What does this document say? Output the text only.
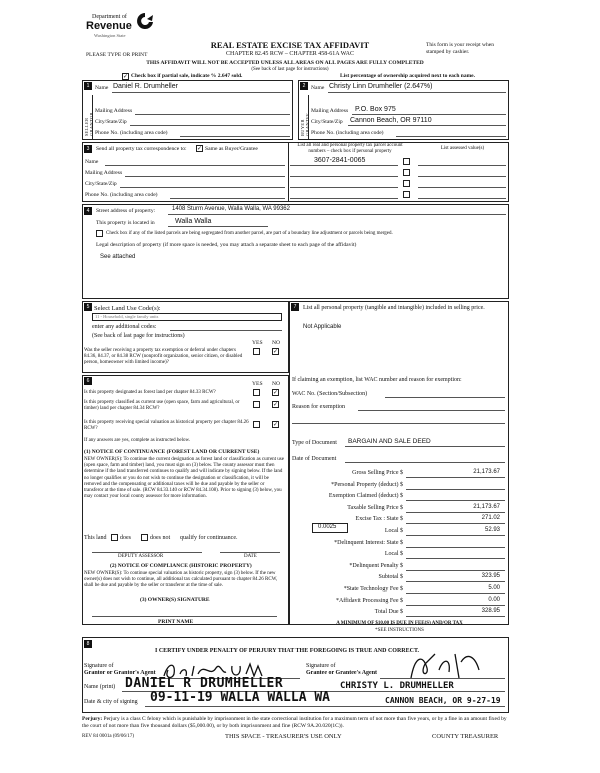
Department of
Revenue
Washington State
PLEASE TYPE OR PRINT
REAL ESTATE EXCISE TAX AFFIDAVIT
CHAPTER 82.45 RCW – CHAPTER 458-61A WAC
THIS AFFIDAVIT WILL NOT BE ACCEPTED UNLESS ALL AREAS ON ALL PAGES ARE FULLY COMPLETED
(See back of last page for instructions)
This form is your receipt when stamped by cashier.
✓ Check box if partial sale, indicate % 2.647 sold.	List percentage of ownership acquired next to each name.
1	2
SELLER GRANTOR	BUYER GRANTEE
Name Daniel R. Drumheller
Mailing Address
City/State/Zip
Phone No. (including area code)
Name Christy Linn Drumheller (2.647%)
Mailing Address P.O. Box 975
City/State/Zip Cannon Beach, OR 97110
Phone No. (including area code)
3	Send all property tax correspondence to: ✓ Same as Buyer/Grantee
Name
Mailing Address
City/State/Zip
Phone No. (including area code)
List all real and personal property tax parcel account numbers – check box if personal property
List assessed value(s)
3607-2841-0065
4	Street address of property:	1408 Sturm Avenue, Walla Walla, WA 99362
This property is located in	Walla Walla
Check box if any of the listed parcels are being segregated from another parcel, are part of a boundary line adjustment or parcels being merged.
Legal description of property (if more space is needed, you may attach a separate sheet to each page of the affidavit)
See attached
5 Select Land Use Code(s):
11 - Household, single family units
enter any additional codes:
(See back of last page for instructions)
YES NO
Was the seller receiving a property tax exemption or deferral under chapters 84.36, 84.37, or 84.38 RCW (nonprofit organization, senior citizen, or disabled person, homeowner with limited income)?
✓
6	YES NO
Is this property designated as forest land per chapter 84.33 RCW?	✓
Is this property classified as current use (open space, farm and agricultural, or timber) land per chapter 84.34 RCW?
✓
Is this property receiving special valuation as historical property per chapter 84.26 RCW?
✓
If any answers are yes, complete as instructed below.
(1) NOTICE OF CONTINUANCE (FOREST LAND OR CURRENT USE)
NEW OWNER(S): To continue the current designation as forest land or classification as current use (open space, farm and timber) land, you must sign on (3) below. The county assessor must then determine if the land transferred continues to qualify and will indicate by signing below. If the land no longer qualifies or you do not wish to continue the designation or classification, it will be removed and the compensating or additional taxes will be due and payable by the seller or transferor at the time of sale. (RCW 84.33.140 or RCW 84.34.108). Prior to signing (3) below, you may contact your local county assessor for more information.
This land does	does not qualify for continuance.
DEPUTY ASSESSOR	DATE
(2) NOTICE OF COMPLIANCE (HISTORIC PROPERTY)
NEW OWNER(S): To continue special valuation as historic property, sign (3) below. If the new owner(s) does not wish to continue, all additional tax calculated pursuant to chapter 84.26 RCW, shall be due and payable by the seller or transferor at the time of sale.
(3) OWNER(S) SIGNATURE
PRINT NAME
7	List all personal property (tangible and intangible) included in selling price.
Not Applicable
If claiming an exemption, list WAC number and reason for exemption:
WAC No. (Section/Subsection)
Reason for exemption
Type of Document BARGAIN AND SALE DEED
Date of Document
Gross Selling Price $	21,173.67
*Personal Property (deduct) $
Exemption Claimed (deduct) $
Taxable Selling Price $	21,173.67
Excise Tax : State $	271.02
Local $	52.93
*Delinquent Interest: State $
Local $
*Delinquent Penalty $
Subtotal $	323.95
*State Technology Fee $	5.00
*Affidavit Processing Fee $	0.00
Total Due $	328.95
0.0025
A MINIMUM OF $10.00 IS DUE IN FEE(S) AND/OR TAX
*SEE INSTRUCTIONS
8
I CERTIFY UNDER PENALTY OF PERJURY THAT THE FOREGOING IS TRUE AND CORRECT.
Signature of
Grantor or Grantor's Agent
Signature of
Grantee or Grantee's Agent
Name (print) DANIEL R DRUMHELLER	CHRISTY L. DRUMHELLER
Date & city of signing 09-11-19 WALLA WALLA WA	CANNON BEACH, OR 9-27-19
Perjury: Perjury is a class C felony which is punishable by imprisonment in the state correctional institution for a maximum term of not more than five years, or by a fine in an amount fixed by the court of not more than five thousand dollars ($5,000.00), or by both imprisonment and fine (RCW 9A.20.020(1C)).
REV 84 0001a (09/06/17)	THIS SPACE - TREASURER'S USE ONLY	COUNTY TREASURER
